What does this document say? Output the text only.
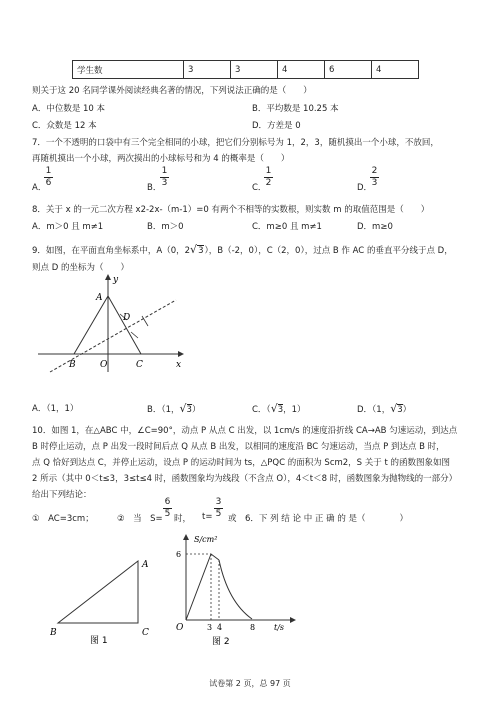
学生数	3	3	4	6	4
则关于这 20 名同学课外阅读经典名著的情况，下列说法正确的是（　　）
A．中位数是 10 本	B．平均数是 10.25 本
C．众数是 12 本	D．方差是 0
7．一个不透明的口袋中有三个完全相同的小球，把它们分别标号为 1，2，3，随机摸出一个小球，不放回，
再随机摸出一个小球，两次摸出的小球标号和为 4 的概率是（　　）
A．
1
6	B．
1
3	C．
1
2	D．
2
3
8．关于 x 的一元二次方程 x2-2x-（m-1）=0 有两个不相等的实数根，则实数 m 的取值范围是（　　）
A．m＞0 且 m≠1	B．m＞0	C．m≥0 且 m≠1	D．m≥0
9．如图，在平面直角坐标系中，A（0，2√3），B（-2，0），C（2，0），过点 B 作 AC 的垂直平分线于点 D，
则点 D 的坐标为（　　）
y
A
D
B	O	C	x
A．（1，1）	B．（1，√3）	C．（√3，1）	D．（1，√3）
10．如图 1，在△ABC 中，∠C=90°，动点 P 从点 C 出发，以 1cm/s 的速度沿折线 CA→AB 匀速运动，到达点
B 时停止运动，点 P 出发一段时间后点 Q 从点 B 出发，以相同的速度沿 BC 匀速运动，当点 P 到达点 B 时，
点 Q 恰好到达点 C，并停止运动，设点 P 的运动时间为 ts，△PQC 的面积为 Scm2，S 关于 t 的函数图象如图
2 所示（其中 0＜t≤3，3≤t≤4 时，函数图象均为线段（不含点 O），4＜t＜8 时，函数图象为抛物线的一部分）
给出下列结论：
①　AC=3cm；	②　当　S=
6
5 时， t=
3
5 或　6．下 列 结 论 中 正 确 的 是（　　　　）
A
B	C
图 1
S/cm²
6
O	3 4	8 t/s
图 2
试卷第 2 页，总 97 页
